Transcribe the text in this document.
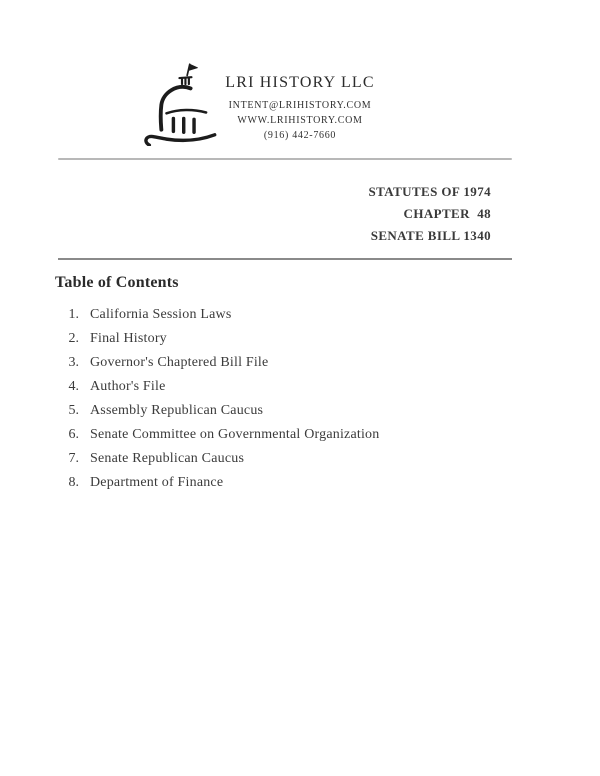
LRI HISTORY LLC
INTENT@LRIHISTORY.COM
WWW.LRIHISTORY.COM
(916) 442-7660
STATUTES OF 1974
CHAPTER  48
SENATE BILL 1340
Table of Contents
1. California Session Laws
2. Final History
3. Governor's Chaptered Bill File
4. Author's File
5. Assembly Republican Caucus
6. Senate Committee on Governmental Organization
7. Senate Republican Caucus
8. Department of Finance
